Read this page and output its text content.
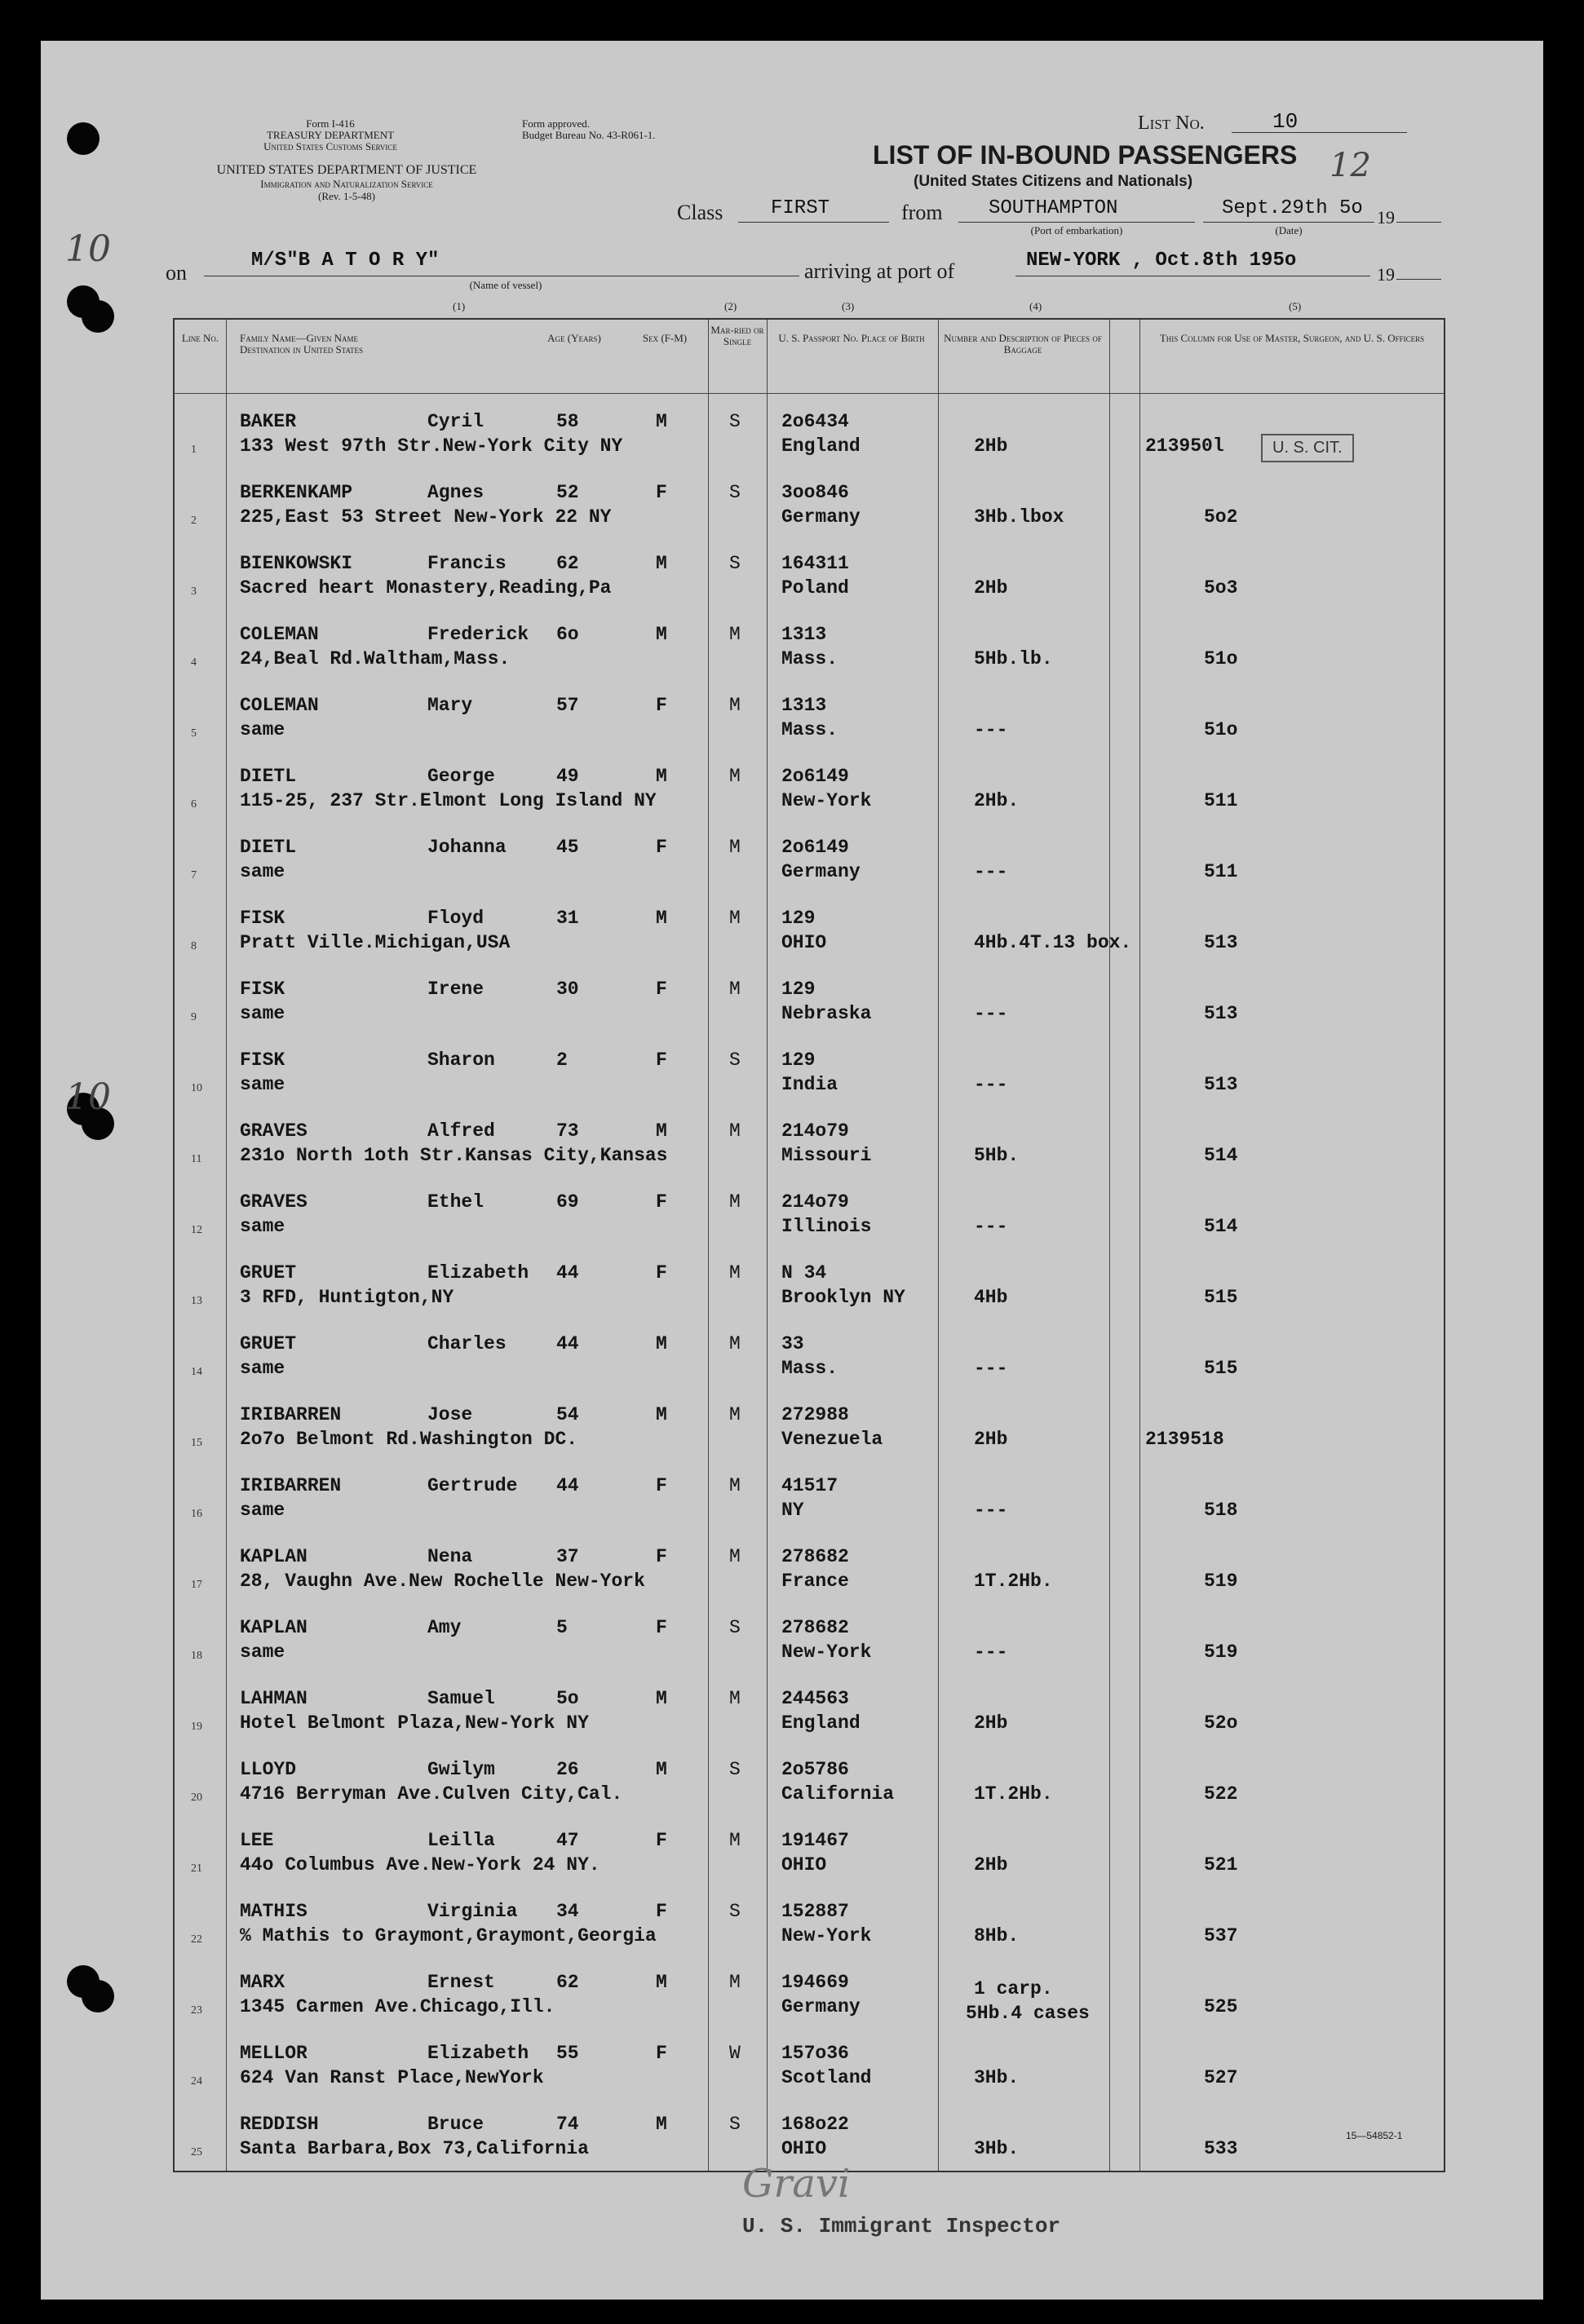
Form I-416
TREASURY DEPARTMENT
United States Customs Service
UNITED STATES DEPARTMENT OF JUSTICE
Immigration and Naturalization Service
(Rev. 1-5-48)
Form approved.
Budget Bureau No. 43-R061-1.
List No.	10
12
LIST OF IN-BOUND PASSENGERS
(United States Citizens and Nationals)
Class FIRST	from SOUTHAMPTON
(Port of embarkation)
Sept.29th 5o
(Date)
19
on
M/S"B A T O R Y"
(Name of vessel)
arriving at port of	NEW-YORK , Oct.8th 195o
19
(1)	(2)	(3)	(4)	(5)
10
10
Line No.	Family Name—Given Name
Destination in United States
Age (Years)	Sex (F-M)
Mar-ried or Single	U. S. Passport No. Place of Birth	Number and Description of Pieces of Baggage
This Column for Use of Master, Surgeon, and U. S. Officers
1
BAKER	Cyril	58	M	S 2o6434
133 West 97th Str.New-York City NY	England	2Hb	213950l
2
BERKENKAMP	Agnes	52	F	S 3oo846
225,East 53 Street New-York 22 NY	Germany	3Hb.lbox	5o2
3
BIENKOWSKI	Francis	62	M	S 164311
Sacred heart Monastery,Reading,Pa	Poland	2Hb	5o3
4
COLEMAN	Frederick 6o	M	M 1313
24,Beal Rd.Waltham,Mass.	Mass.	5Hb.lb.	51o
5
COLEMAN	Mary	57	F	M 1313
same	Mass.	---	51o
6
DIETL	George	49	M	M 2o6149
115-25, 237 Str.Elmont Long Island NY	New-York	2Hb.	511
7
DIETL	Johanna	45	F	M 2o6149
same	Germany	---	511
8
FISK	Floyd	31	M	M 129
Pratt Ville.Michigan,USA	OHIO	4Hb.4T.13 box.	513
9
FISK	Irene	30	F	M 129
same	Nebraska	---	513
10
FISK	Sharon	2	F	S 129
same	India	---	513
11
GRAVES	Alfred	73	M	M 214o79
231o North 1oth Str.Kansas City,Kansas	Missouri	5Hb.	514
12
GRAVES	Ethel	69	F	M 214o79
same	Illinois	---	514
13
GRUET	Elizabeth 44	F	M N 34
3 RFD, Huntigton,NY	Brooklyn NY	4Hb	515
14
GRUET	Charles	44	M	M 33
same	Mass.	---	515
15
IRIBARREN	Jose	54	M	M 272988
2o7o Belmont Rd.Washington DC.	Venezuela	2Hb	2139518
16
IRIBARREN	Gertrude 44	F	M 41517
same	NY	---	518
17
KAPLAN	Nena	37	F	M 278682
28, Vaughn Ave.New Rochelle New-York	France	1T.2Hb.	519
18
KAPLAN	Amy	5	F	S 278682
same	New-York	---	519
19
LAHMAN	Samuel	5o	M	M 244563
Hotel Belmont Plaza,New-York NY	England	2Hb	52o
20
LLOYD	Gwilym	26	M	S 2o5786
4716 Berryman Ave.Culven City,Cal.	California	1T.2Hb.	522
21
LEE	Leilla	47	F	M 191467
44o Columbus Ave.New-York 24 NY.	OHIO	2Hb	521
22
MATHIS	Virginia 34	F	S 152887
% Mathis to Graymont,Graymont,Georgia	New-York	8Hb.	537
23
MARX	Ernest	62	M	M 194669
1345 Carmen Ave.Chicago,Ill.	Germany
1 carp.
5Hb.4 cases	525
24
MELLOR	Elizabeth 55	F	W 157o36
624 Van Ranst Place,NewYork	Scotland	3Hb.	527
25
REDDISH	Bruce	74	M	S 168o22
Santa Barbara,Box 73,California	OHIO	3Hb.	533
U. S. CIT.
15—54852-1
U. S. Immigrant Inspector
Gravi
